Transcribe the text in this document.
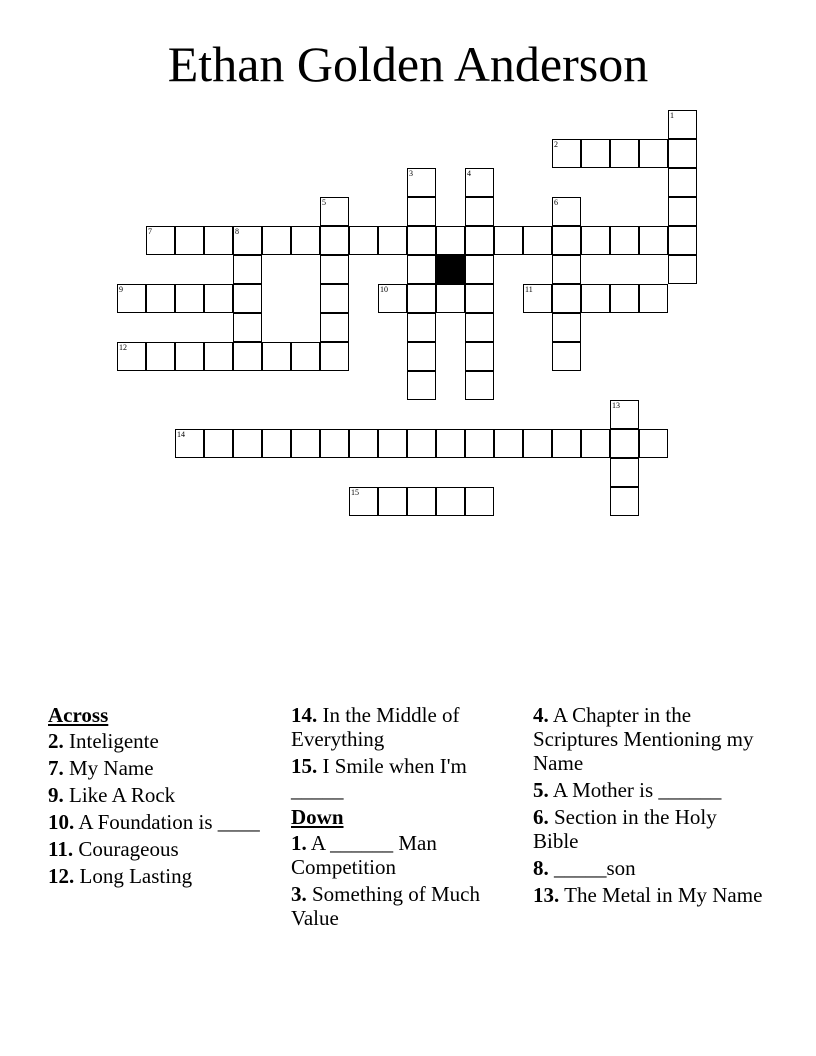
Ethan Golden Anderson
1
2
3	4
5	6
7	8
9	10	11
12
13
14
15
Across
2. Inteligente
7. My Name
9. Like A Rock
10. A Foundation is ____
11. Courageous
12. Long Lasting
14. In the Middle of Everything
15. I Smile when I'm _____
Down
1. A ______ Man Competition
3. Something of Much Value
4. A Chapter in the Scriptures Mentioning my Name
5. A Mother is ______
6. Section in the Holy Bible
8. _____son
13. The Metal in My Name
